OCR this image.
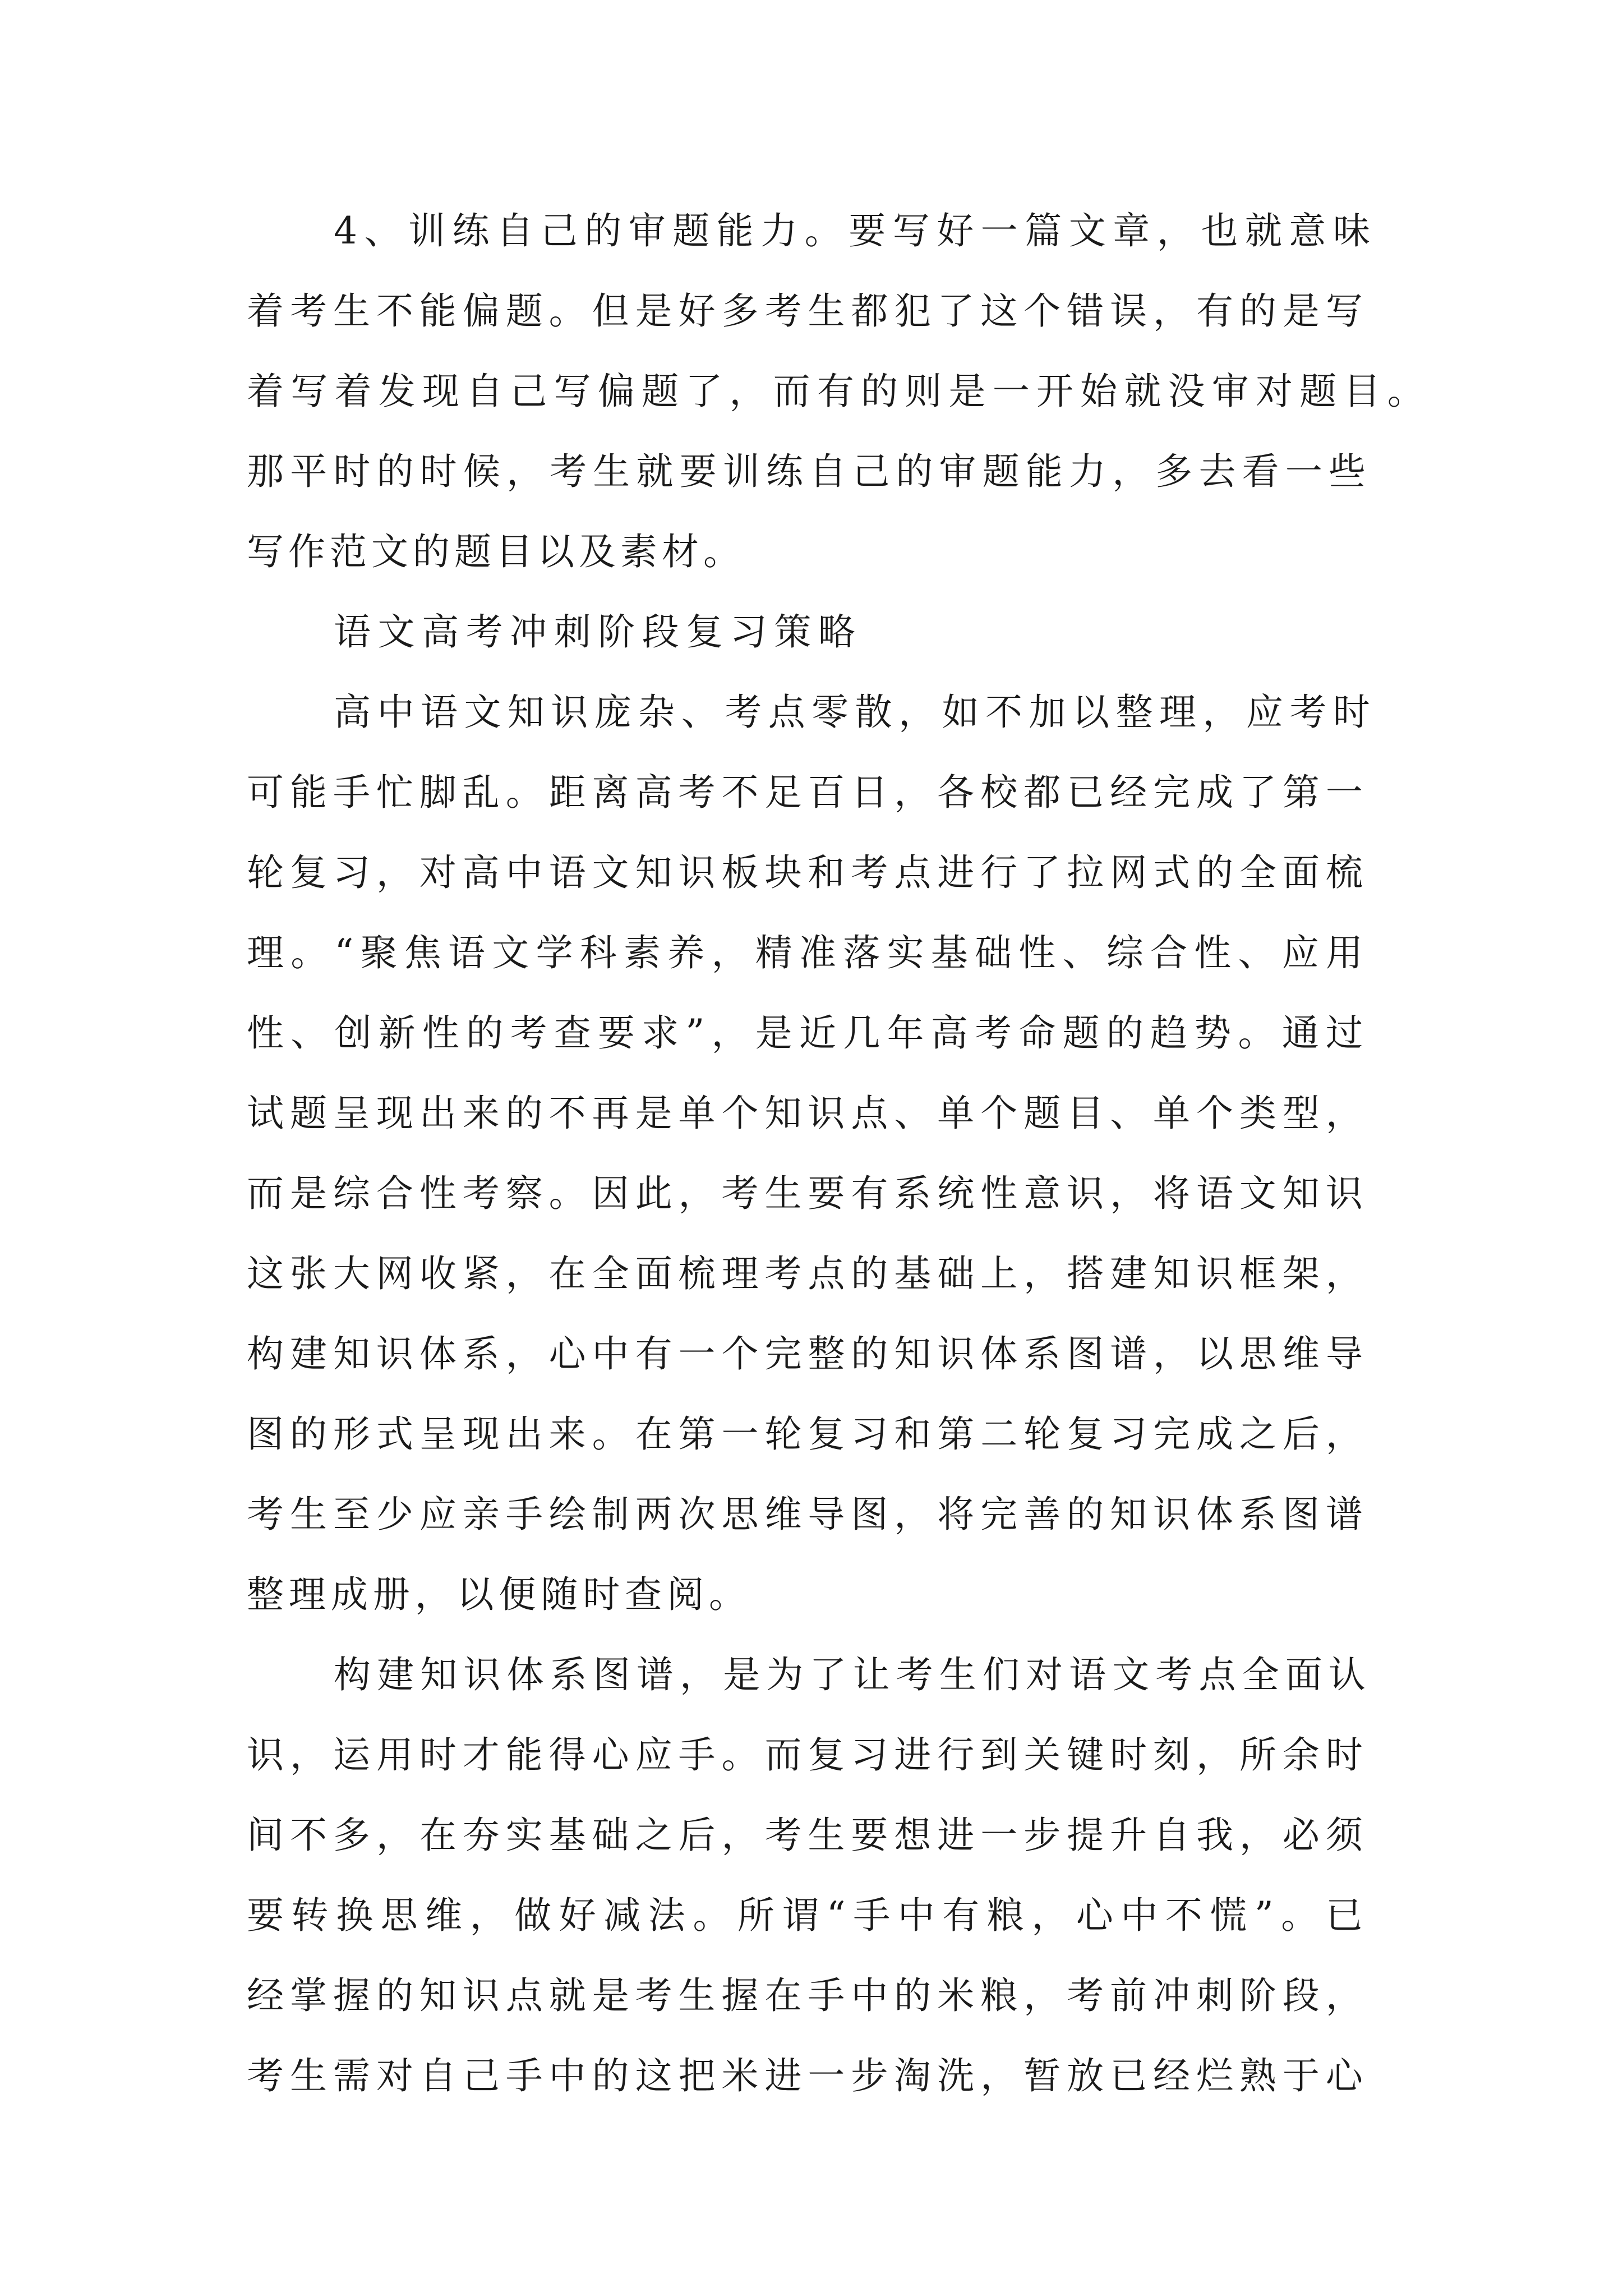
4 、 训 练 自 己 的 审 题 能 力 。 要 写 好 一 篇 文 章 ， 也 就 意 味
着 考 生 不 能 偏 题 。 但 是 好 多 考 生 都 犯 了 这 个 错 误 ， 有 的 是 写
着 写 着 发 现 自 己 写 偏 题 了 ， 而 有 的 则 是 一 开 始 就 没 审 对 题 目 。
那 平 时 的 时 候 ， 考 生 就 要 训 练 自 己 的 审 题 能 力 ， 多 去 看 一 些
写 作 范 文 的 题 目 以 及 素 材 。
语 文 高 考 冲 刺 阶 段 复 习 策 略
高 中 语 文 知 识 庞 杂 、 考 点 零 散 ， 如 不 加 以 整 理 ， 应 考 时
可 能 手 忙 脚 乱 。 距 离 高 考 不 足 百 日 ， 各 校 都 已 经 完 成 了 第 一
轮 复 习 ， 对 高 中 语 文 知 识 板 块 和 考 点 进 行 了 拉 网 式 的 全 面 梳
理 。 “ 聚 焦 语 文 学 科 素 养 ， 精 准 落 实 基 础 性 、 综 合 性 、 应 用
性 、 创 新 性 的 考 查 要 求 ” ， 是 近 几 年 高 考 命 题 的 趋 势 。 通 过
试 题 呈 现 出 来 的 不 再 是 单 个 知 识 点 、 单 个 题 目 、 单 个 类 型 ，
而 是 综 合 性 考 察 。 因 此 ， 考 生 要 有 系 统 性 意 识 ， 将 语 文 知 识
这 张 大 网 收 紧 ， 在 全 面 梳 理 考 点 的 基 础 上 ， 搭 建 知 识 框 架 ，
构 建 知 识 体 系 ， 心 中 有 一 个 完 整 的 知 识 体 系 图 谱 ， 以 思 维 导
图 的 形 式 呈 现 出 来 。 在 第 一 轮 复 习 和 第 二 轮 复 习 完 成 之 后 ，
考 生 至 少 应 亲 手 绘 制 两 次 思 维 导 图 ， 将 完 善 的 知 识 体 系 图 谱
整 理 成 册 ， 以 便 随 时 查 阅 。
构 建 知 识 体 系 图 谱 ， 是 为 了 让 考 生 们 对 语 文 考 点 全 面 认
识 ， 运 用 时 才 能 得 心 应 手 。 而 复 习 进 行 到 关 键 时 刻 ， 所 余 时
间 不 多 ， 在 夯 实 基 础 之 后 ， 考 生 要 想 进 一 步 提 升 自 我 ， 必 须
要 转 换 思 维 ， 做 好 减 法 。 所 谓 “ 手 中 有 粮 ， 心 中 不 慌 ” 。 已
经 掌 握 的 知 识 点 就 是 考 生 握 在 手 中 的 米 粮 ， 考 前 冲 刺 阶 段 ，
考 生 需 对 自 己 手 中 的 这 把 米 进 一 步 淘 洗 ， 暂 放 已 经 烂 熟 于 心
